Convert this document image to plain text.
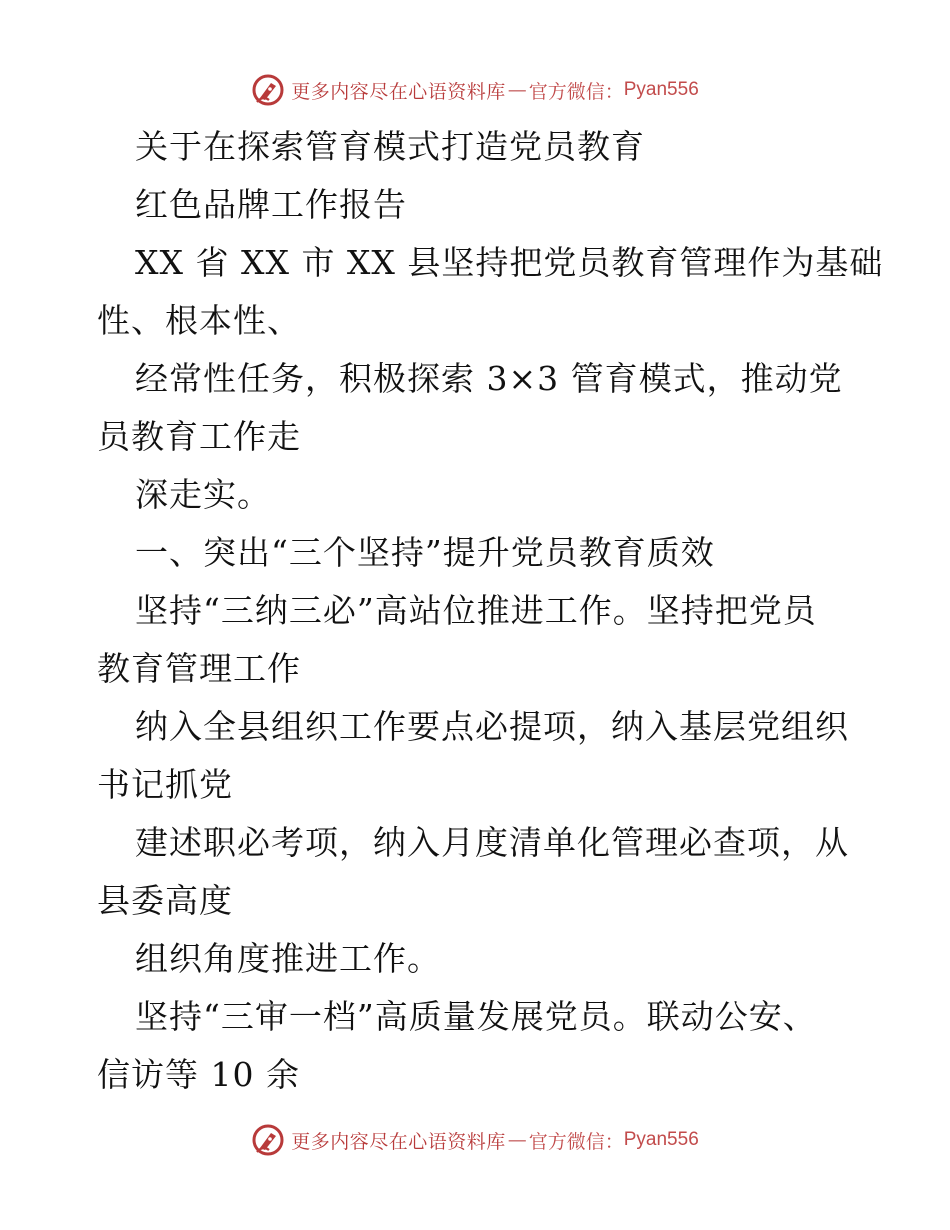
更多内容尽在心语资料库 — 官方微信： Pyan556
关于在探索管育模式打造党员教育
红色品牌工作报告
XX 省 XX 市 XX 县坚持把党员教育管理作为基础
性、根本性、
经常性任务，积极探索 3×3 管育模式，推动党
员教育工作走
深走实。
一、突出“三个坚持”提升党员教育质效
坚持“三纳三必”高站位推进工作。坚持把党员
教育管理工作
纳入全县组织工作要点必提项，纳入基层党组织
书记抓党
建述职必考项，纳入月度清单化管理必查项，从
县委高度
组织角度推进工作。
坚持“三审一档”高质量发展党员。联动公安、
信访等 10 余
更多内容尽在心语资料库 — 官方微信： Pyan556
